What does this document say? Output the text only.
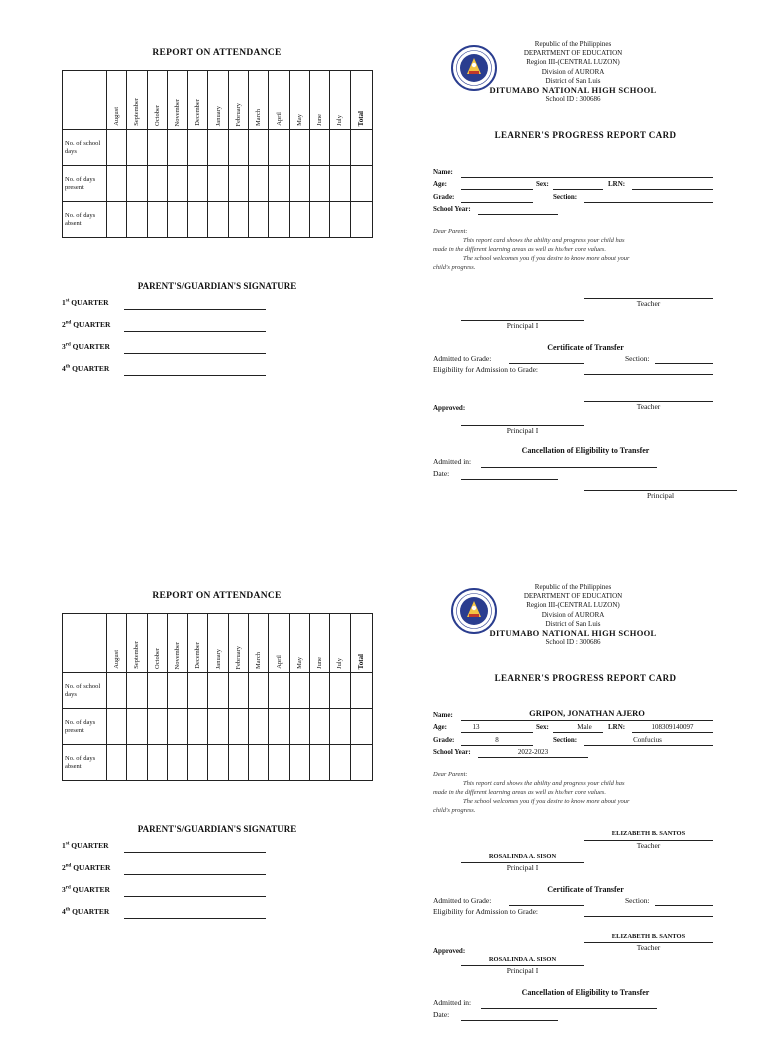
REPORT ON ATTENDANCE

	August	September	October	November	December	January	February	March	April	May	June	July	Total

No. of school days													
No. of days present													
No. of days absent													
PARENT'S/GUARDIAN'S SIGNATURE
1st QUARTER
2nd QUARTER
3rd QUARTER
4th QUARTER
Republic of the Philippines
DEPARTMENT OF EDUCATION
Region III-(CENTRAL LUZON)
Division of AURORA
District of San Luis
DITUMABO NATIONAL HIGH SCHOOL
School ID : 300686
LEARNER'S PROGRESS REPORT CARD
Name:
Age:	Sex:	LRN:
Grade:	Section:
School Year:
Dear Parent:
This report card shows the ability and progress your child has
made in the different learning areas as well as his/her core values.
The school welcomes you if you desire to know more about your
child's progress.
Teacher
Principal I
Certificate of Transfer
Admitted to Grade:	Section:
Eligibility for Admission to Grade:
Teacher
Approved:
Principal I
Cancellation of Eligibility to Transfer
Admitted in:
Date:
Principal
REPORT ON ATTENDANCE

	August	September	October	November	December	January	February	March	April	May	June	July	Total

No. of school days													
No. of days present													
No. of days absent													
PARENT'S/GUARDIAN'S SIGNATURE
1st QUARTER
2nd QUARTER
3rd QUARTER
4th QUARTER
Republic of the Philippines
DEPARTMENT OF EDUCATION
Region III-(CENTRAL LUZON)
Division of AURORA
District of San Luis
DITUMABO NATIONAL HIGH SCHOOL
School ID : 300686
LEARNER'S PROGRESS REPORT CARD
Name:	GRIPON, JONATHAN AJERO
Age:	13	Sex:	Male	LRN:	108309140097
Grade:	8	Section:	Confucius
School Year:	2022-2023
Dear Parent:
This report card shows the ability and progress your child has
made in the different learning areas as well as his/her core values.
The school welcomes you if you desire to know more about your
child's progress.
ELIZABETH B. SANTOS
Teacher
ROSALINDA A. SISON
Principal I
Certificate of Transfer
Admitted to Grade:	Section:
Eligibility for Admission to Grade:
ELIZABETH B. SANTOS
Teacher
Approved:
ROSALINDA A. SISON
Principal I
Cancellation of Eligibility to Transfer
Admitted in:
Date:
